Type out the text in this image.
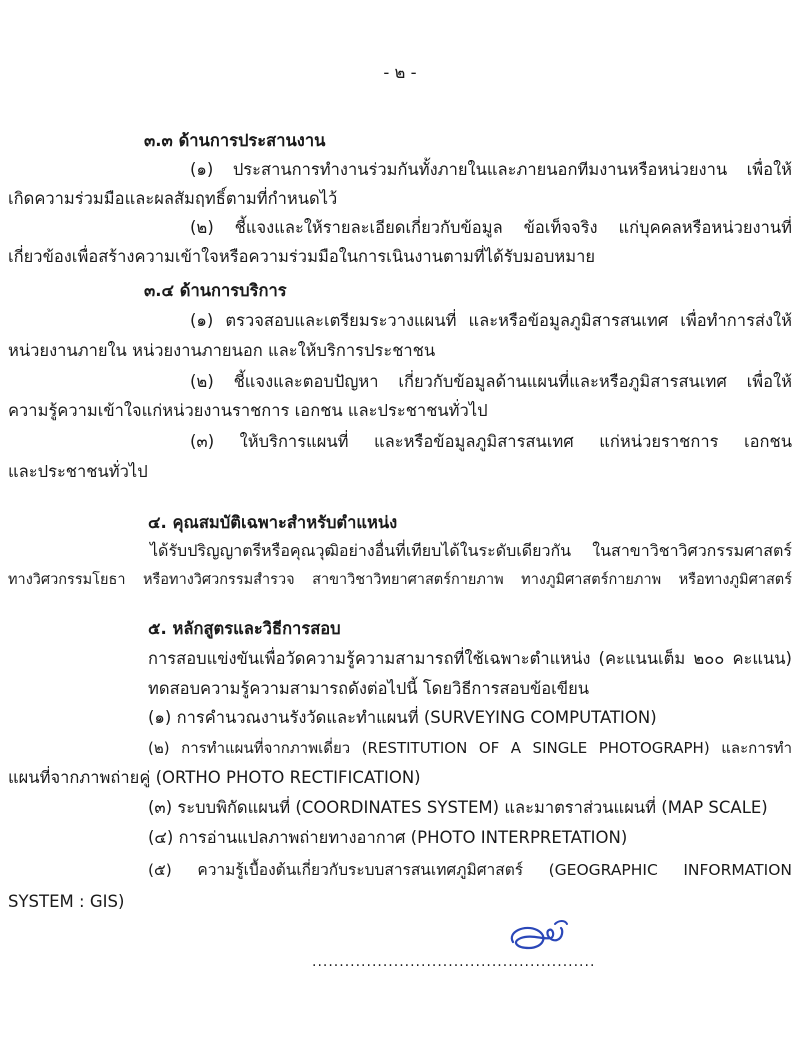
- ๒ -
๓.๓ ด้านการประสานงาน
(๑) ประสานการทำงานร่วมกันทั้งภายในและภายนอกทีมงานหรือหน่วยงาน เพื่อให้
เกิดความร่วมมือและผลสัมฤทธิ์ตามที่กำหนดไว้
(๒) ชี้แจงและให้รายละเอียดเกี่ยวกับข้อมูล ข้อเท็จจริง แก่บุคคลหรือหน่วยงานที่
เกี่ยวข้องเพื่อสร้างความเข้าใจหรือความร่วมมือในการเนินงานตามที่ได้รับมอบหมาย
๓.๔ ด้านการบริการ
(๑) ตรวจสอบและเตรียมระวางแผนที่ และหรือข้อมูลภูมิสารสนเทศ เพื่อทำการส่งให้
หน่วยงานภายใน หน่วยงานภายนอก และให้บริการประชาชน
(๒) ชี้แจงและตอบปัญหา เกี่ยวกับข้อมูลด้านแผนที่และหรือภูมิสารสนเทศ เพื่อให้
ความรู้ความเข้าใจแก่หน่วยงานราชการ เอกชน และประชาชนทั่วไป
(๓) ให้บริการแผนที่ และหรือข้อมูลภูมิสารสนเทศ แก่หน่วยราชการ เอกชน
และประชาชนทั่วไป
๔. คุณสมบัติเฉพาะสำหรับตำแหน่ง
ได้รับปริญญาตรีหรือคุณวุฒิอย่างอื่นที่เทียบได้ในระดับเดียวกัน ในสาขาวิชาวิศวกรรมศาสตร์
ทางวิศวกรรมโยธา หรือทางวิศวกรรมสำรวจ สาขาวิชาวิทยาศาสตร์กายภาพ ทางภูมิศาสตร์กายภาพ หรือทางภูมิศาสตร์
๕. หลักสูตรและวิธีการสอบ
การสอบแข่งขันเพื่อวัดความรู้ความสามารถที่ใช้เฉพาะตำแหน่ง (คะแนนเต็ม ๒๐๐ คะแนน)
ทดสอบความรู้ความสามารถดังต่อไปนี้ โดยวิธีการสอบข้อเขียน
(๑) การคำนวณงานรังวัดและทำแผนที่ (SURVEYING COMPUTATION)
(๒) การทำแผนที่จากภาพเดี่ยว (RESTITUTION OF A SINGLE PHOTOGRAPH) และการทำ
แผนที่จากภาพถ่ายคู่ (ORTHO PHOTO RECTIFICATION)
(๓) ระบบพิกัดแผนที่ (COORDINATES SYSTEM) และมาตราส่วนแผนที่ (MAP SCALE)
(๔) การอ่านแปลภาพถ่ายทางอากาศ (PHOTO INTERPRETATION)
(๕) ความรู้เบื้องต้นเกี่ยวกับระบบสารสนเทศภูมิศาสตร์ (GEOGRAPHIC INFORMATION
SYSTEM : GIS)
....................................................
